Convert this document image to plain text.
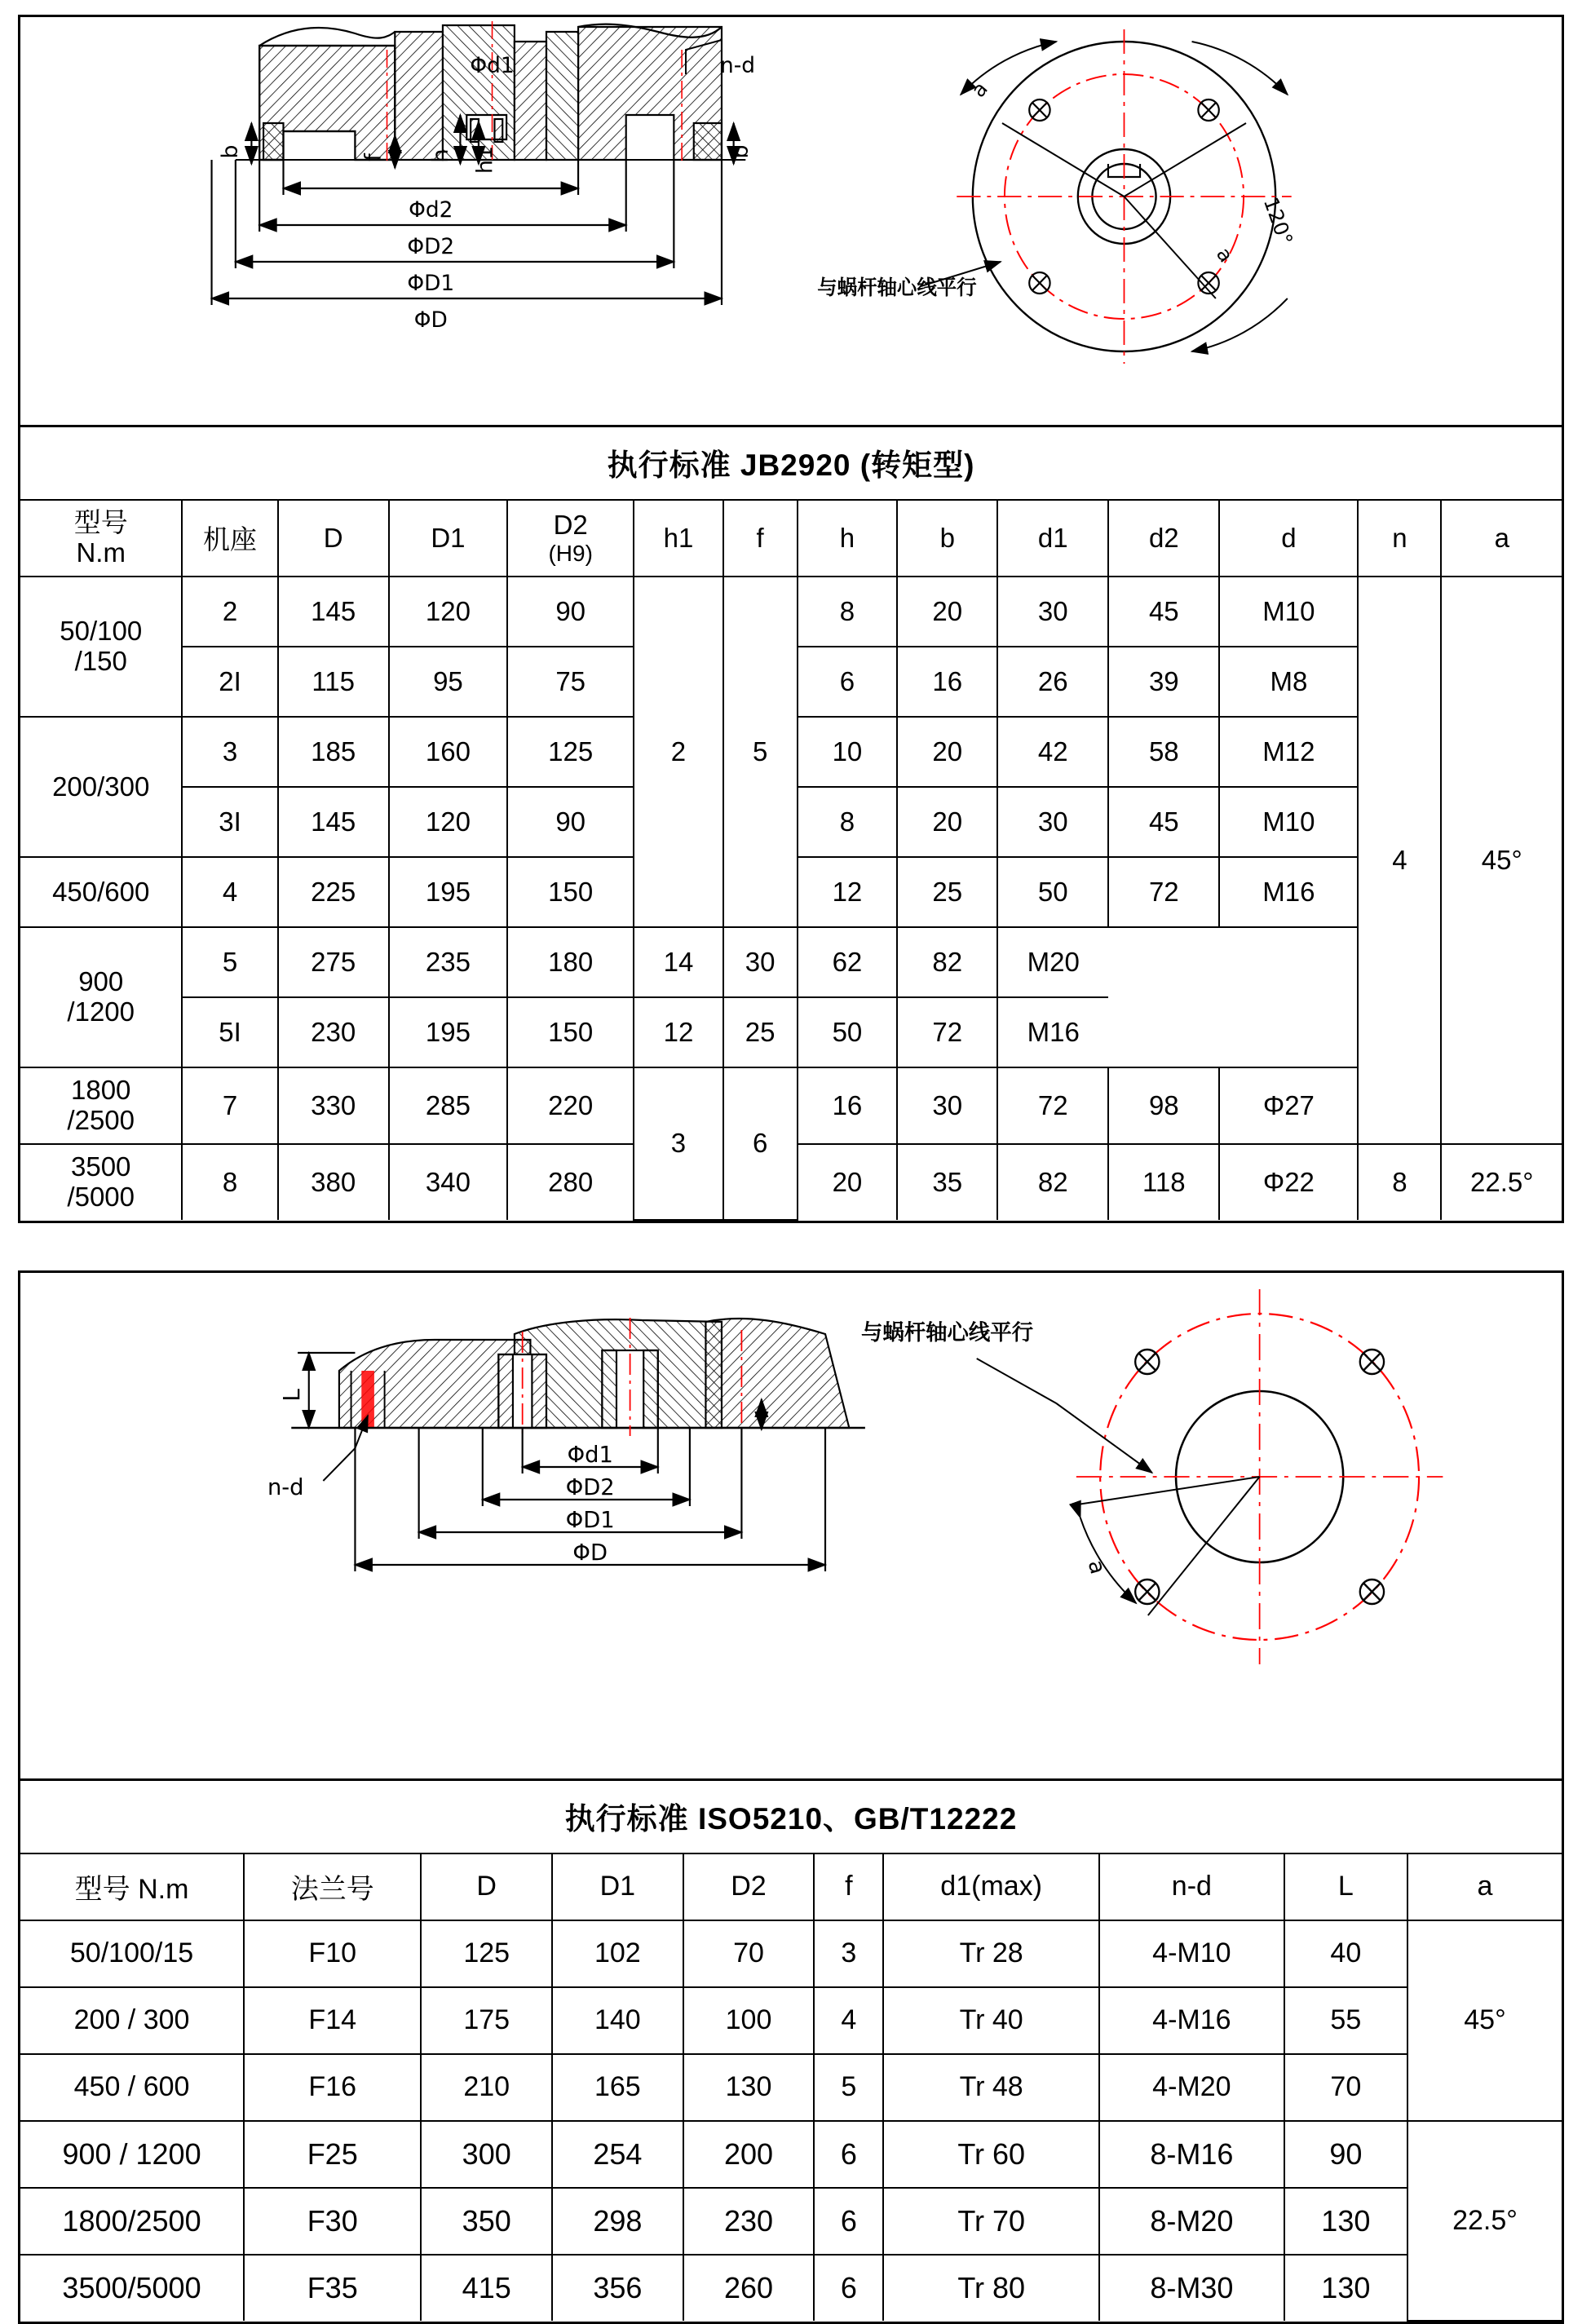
Φd1	n-d
b	b
f h h1
Φd2
ΦD2
ΦD1
ΦD
与蜗杆轴心线平行
120°
a
a
执行标准 JB2920 (转矩型)
型号
N.m	机座	D	D1	D2
(H9)
	h1	f	h	b	d1	d2	d	n	a

50/100
/150	2	145	120	90	2	5	8	20	30	45	M10	4	45°
	2I	115	95	75			6	16	26	39	M8		
200/300	3	185	160	125			10	20	42	58	M12		
	3I	145	120	90			8	20	30	45	M10		
450/600	4	225	195	150			12	25	50	72	M16		

900
/1200	5	275	235	180	14	30	62	82	M20				
	5I	230	195	150	12	25	50	72	M16				

1800
/2500	7	330	285	220	3	6	16	30	72	98	Φ27		

3500
/5000	8	380	340	280			20	35	82	118	Φ22	8	22.5°
L
n-d
Φd1
ΦD2
ΦD1
ΦD
与蜗杆轴心线平行
a
执行标准 ISO5210、GB/T12222
型号 N.m	法兰号	D	D1	D2	f	d1(max)	n-d	L	a
50/100/15	F10	125	102	70	3	Tr 28	4-M10	40	45°
200 / 300	F14	175	140	100	4	Tr 40	4-M16	55	
450 / 600	F16	210	165	130	5	Tr 48	4-M20	70	
900 / 1200	F25	300	254	200	6	Tr 60	8-M16	90	22.5°
1800/2500	F30	350	298	230	6	Tr 70	8-M20	130	
3500/5000	F35	415	356	260	6	Tr 80	8-M30	130	
